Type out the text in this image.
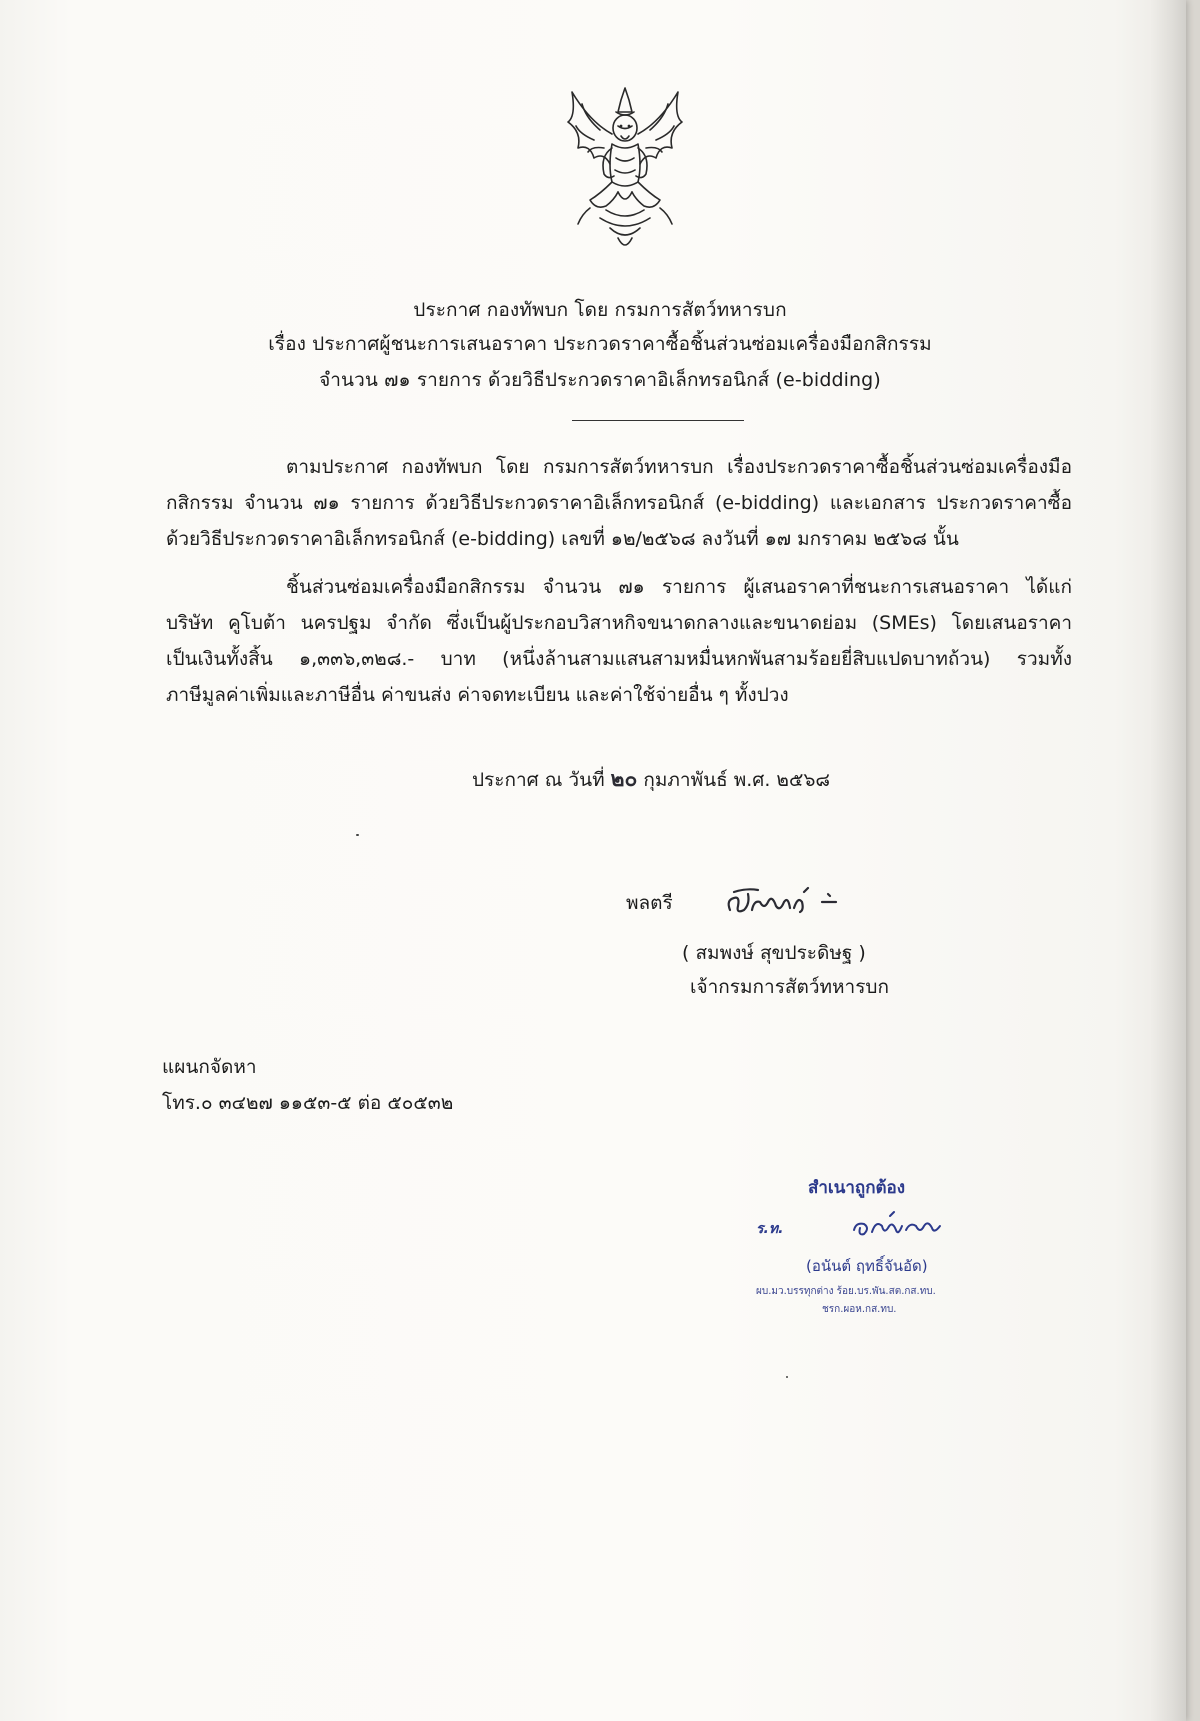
ประกาศ กองทัพบก โดย กรมการสัตว์ทหารบก
เรื่อง ประกาศผู้ชนะการเสนอราคา ประกวดราคาซื้อชิ้นส่วนซ่อมเครื่องมือกสิกรรม
จำนวน ๗๑ รายการ ด้วยวิธีประกวดราคาอิเล็กทรอนิกส์ (e-bidding)
ตามประกาศ กองทัพบก โดย กรมการสัตว์ทหารบก เรื่องประกวดราคาซื้อชิ้นส่วนซ่อมเครื่องมือ
กสิกรรม จำนวน ๗๑ รายการ ด้วยวิธีประกวดราคาอิเล็กทรอนิกส์ (e-bidding) และเอกสาร ประกวดราคาซื้อ
ด้วยวิธีประกวดราคาอิเล็กทรอนิกส์ (e-bidding) เลขที่ ๑๒/๒๕๖๘ ลงวันที่ ๑๗ มกราคม ๒๕๖๘ นั้น
ชิ้นส่วนซ่อมเครื่องมือกสิกรรม จำนวน ๗๑ รายการ ผู้เสนอราคาที่ชนะการเสนอราคา ได้แก่
บริษัท คูโบต้า นครปฐม จำกัด ซึ่งเป็นผู้ประกอบวิสาหกิจขนาดกลางและขนาดย่อม (SMEs) โดยเสนอราคา
เป็นเงินทั้งสิ้น ๑,๓๓๖,๓๒๘.- บาท (หนึ่งล้านสามแสนสามหมื่นหกพันสามร้อยยี่สิบแปดบาทถ้วน) รวมทั้ง
ภาษีมูลค่าเพิ่มและภาษีอื่น ค่าขนส่ง ค่าจดทะเบียน และค่าใช้จ่ายอื่น ๆ ทั้งปวง
ประกาศ ณ วันที่ ๒๐ กุมภาพันธ์ พ.ศ. ๒๕๖๘
พลตรี
( สมพงษ์ สุขประดิษฐ )
เจ้ากรมการสัตว์ทหารบก
แผนกจัดหา
โทร.๐ ๓๔๒๗ ๑๑๕๓-๕ ต่อ ๕๐๕๓๒
สำเนาถูกต้อง
ร.ท.
(อนันต์ ฤทธิ์จันอัด)
ผบ.มว.บรรทุกต่าง ร้อย.บร.พัน.สต.กส.ทบ.
ชรก.ผอห.กส.ทบ.
